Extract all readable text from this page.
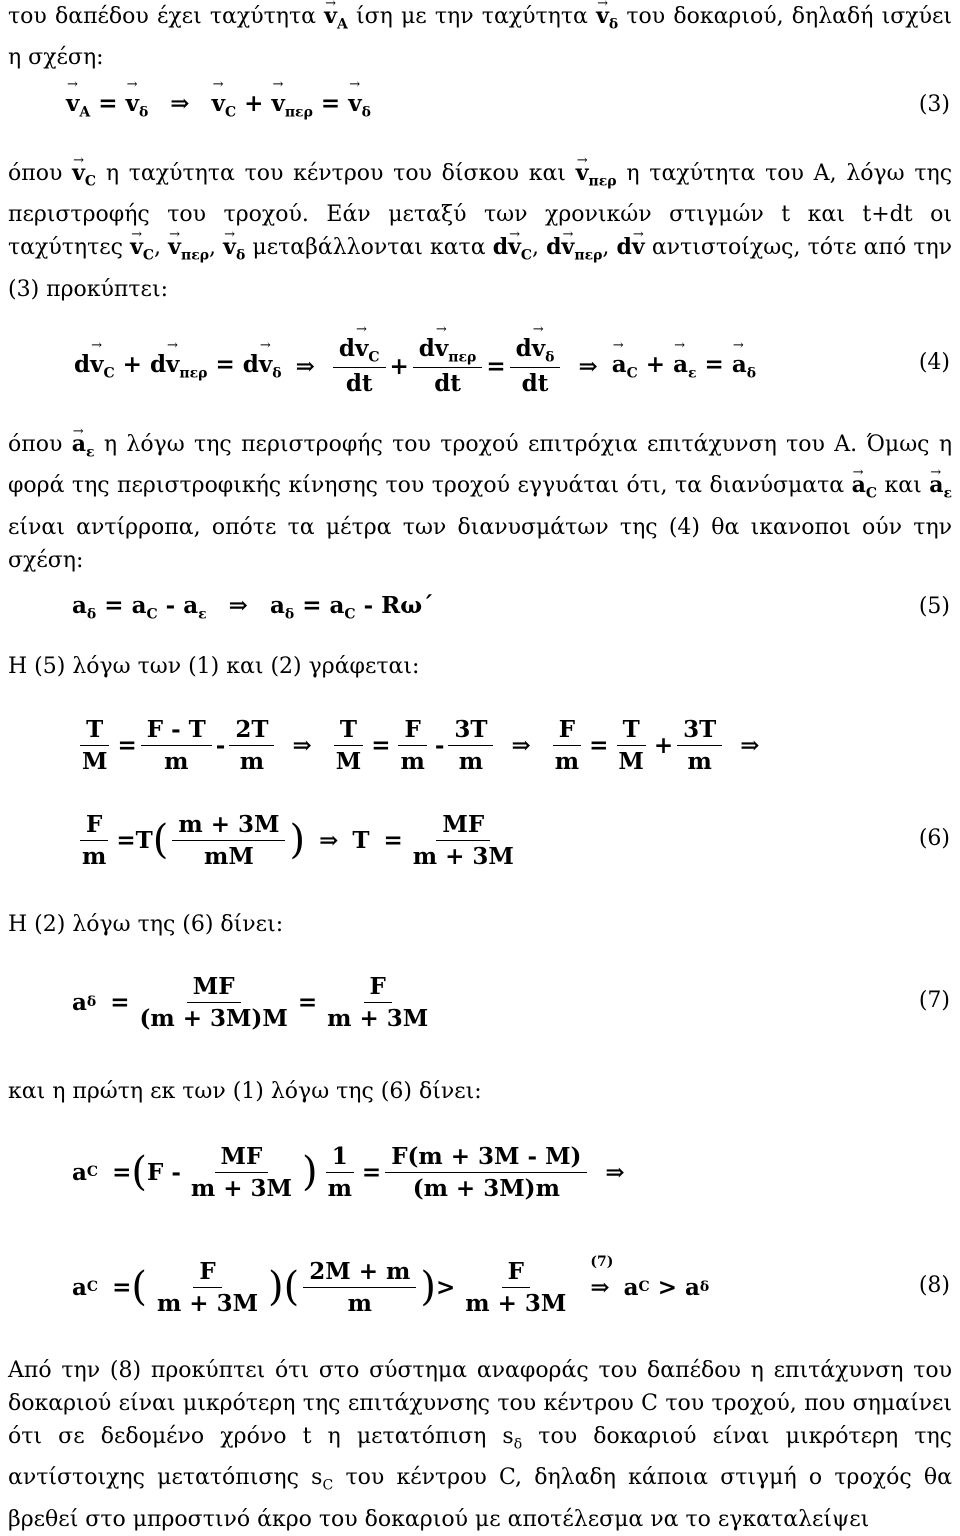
του δαπέδου έχει $\tau\alpha\chi ύ\tau\eta\tau\alpha \to v_A$ ίση με την $\tau\alpha\chi ύ\tau\eta\tau\alpha \to v_\delta$ του δοκαριού, δηλαδή ισχύει η σχέση:

→ $v_A$ = → $v_\delta$ ⇒ → $v_C$ + → $v_{\pi\varepsilon\rho}$ = → $v_\delta$	(3)

$ό\pi o\upsilon \to v_C$ η ταχύτητα του κέντρου του δίσκου $\kappa\alpha\iota \to v_{\pi\varepsilon\rho}$ η ταχύτητα του Α, λόγω της περιστροφής του τροχού. Εάν μεταξύ των χρονικών στιγμών t και t+dt οι $\tau\alpha\chi ύ\tau\eta\tau\varepsilon\varsigma \to v_C$, → $v_{\pi\varepsilon\rho}$, → $v_\delta$ μεταβάλλονται κατα $d\to v_C$, $d\to v_{\pi\varepsilon\rho}$, d→ v αντιστοίχως, τότε από την (3) προκύπτει:

$d\to v_C + d\to v_{\pi\varepsilon\rho} = d\to v_\delta$ ⇒ $\frac{d\to v_C}{dt} + \frac{d\to v_{\pi\varepsilon\rho}}{dt} = \frac{d\to v_\delta}{dt}$ ⇒ → $a_C$ + → $a_\varepsilon$ = → $a_\delta$	(4)

$ό\pi o\upsilon \to a_\varepsilon$ η λόγω της περιστροφής του τροχού επιτρόχια επιτάχυνση του Α. Όμως η φορά της περιστροφικής κίνησης του τροχού εγγυάται ότι, τα $\delta\iota\alpha\nu ύ\sigma\mu\alpha\tau\alpha \to a_C$ $\kappa\alpha\iota \to a_\varepsilon$ είναι αντίρροπα, οπότε τα μέτρα των διανυσμάτων της (4) θα ικανοποι ούν την σχέση:

$a_\delta = a_C - a_\varepsilon$ ⇒ $a_\delta = a_C$ - Rω´	(5)

Η (5) λόγω των (1) και (2) γράφεται:

$\frac{T}{M} = \frac{F - T}{m} - \frac{2T}{m}$ ⇒ $\frac{T}{M} = \frac{F}{m} - \frac{3T}{m}$ ⇒ $\frac{F}{m} = \frac{T}{M} + \frac{3T}{m}$ ⇒
$\frac{F}{m} = T$ ( $\frac{m + 3M}{mM}$ ) ⇒ $T = \frac{MF}{m + 3M}$	(6)

Η (2) λόγω της (6) δίνει:

a $\delta = \frac{MF}{(m + 3M)M} = \frac{F}{m + 3M}$	(7)

και η πρώτη εκ των (1) λόγω της (6) δίνει:

a C = ( F
- $\frac{MF}{m + 3M}$ ) $\frac{1}{m} = \frac{F(m + 3M - M)}{(m + 3M)m}$ ⇒
a C = ( $\frac{F}{m + 3M}$ ) ( $\frac{2M + m}{m}$ ) > $\frac{F}{m + 3M} (7)$
⇒ a C
>
a δ	(8)

Από την (8) προκύπτει ότι στο σύστημα αναφοράς του δαπέδου η επιτάχυνση του δοκαριού είναι μικρότερη της επιτάχυνσης του κέντρου C του τροχού, που σημαίνει ότι σε δεδομένο χρόνο t η μετατόπιση $s_\delta$ του δοκαριού είναι μικρότερη της αντίστοιχης μετατόπισης $s_C$ του κέντρου C, δηλαδη κάποια στιγμή ο τροχός θα βρεθεί στο μπροστινό άκρο του δοκαριού με αποτέλεσμα να το εγκαταλείψει
